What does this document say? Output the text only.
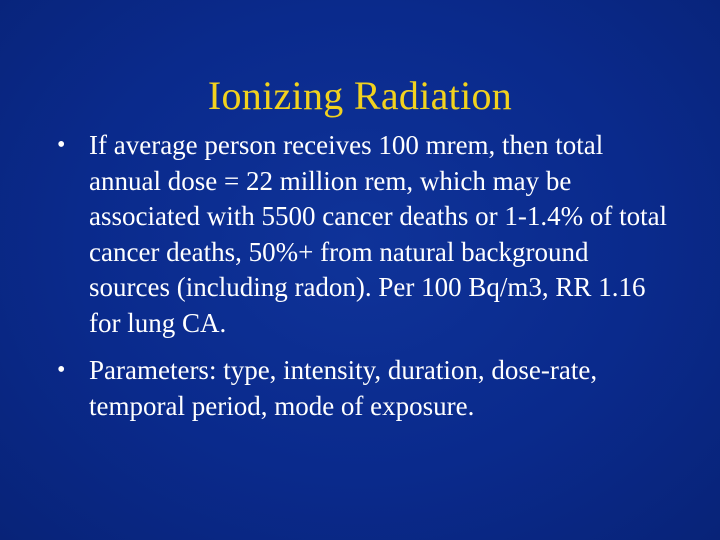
Ionizing Radiation
• If average person receives 100 mrem, then total annual dose = 22 million rem, which may be associated with 5500 cancer deaths or 1-1.4% of total cancer deaths, 50%+ from natural background sources (including radon). Per 100 Bq/m3, RR 1.16 for lung CA.
• Parameters: type, intensity, duration, dose-rate, temporal period, mode of exposure.
